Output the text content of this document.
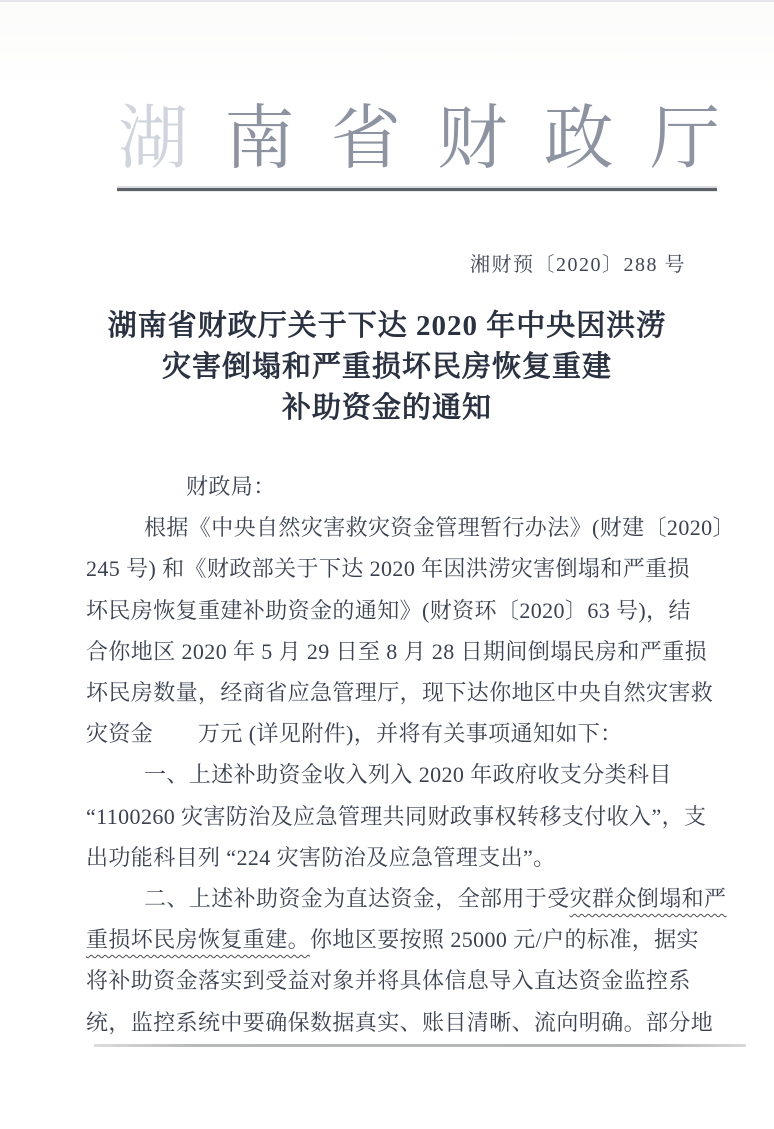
湖南省财政厅
湘财预〔2020〕288 号
湖南省财政厅关于下达 2020 年中央因洪涝
灾害倒塌和严重损坏民房恢复重建
补助资金的通知
财政局：
根据《中央自然灾害救灾资金管理暂行办法》(财建〔2020〕
245 号) 和《财政部关于下达 2020 年因洪涝灾害倒塌和严重损
坏民房恢复重建补助资金的通知》(财资环〔2020〕63 号)，结
合你地区 2020 年 5 月 29 日至 8 月 28 日期间倒塌民房和严重损
坏民房数量，经商省应急管理厅，现下达你地区中央自然灾害救
灾资金　　万元 (详见附件)，并将有关事项通知如下：
一、上述补助资金收入列入 2020 年政府收支分类科目
“1100260 灾害防治及应急管理共同财政事权转移支付收入”，支
出功能科目列 “224 灾害防治及应急管理支出”。
二、上述补助资金为直达资金，全部用于受灾群众倒塌和严
重损坏民房恢复重建。你地区要按照 25000 元/户的标准，据实
将补助资金落实到受益对象并将具体信息导入直达资金监控系
统，监控系统中要确保数据真实、账目清晰、流向明确。部分地
